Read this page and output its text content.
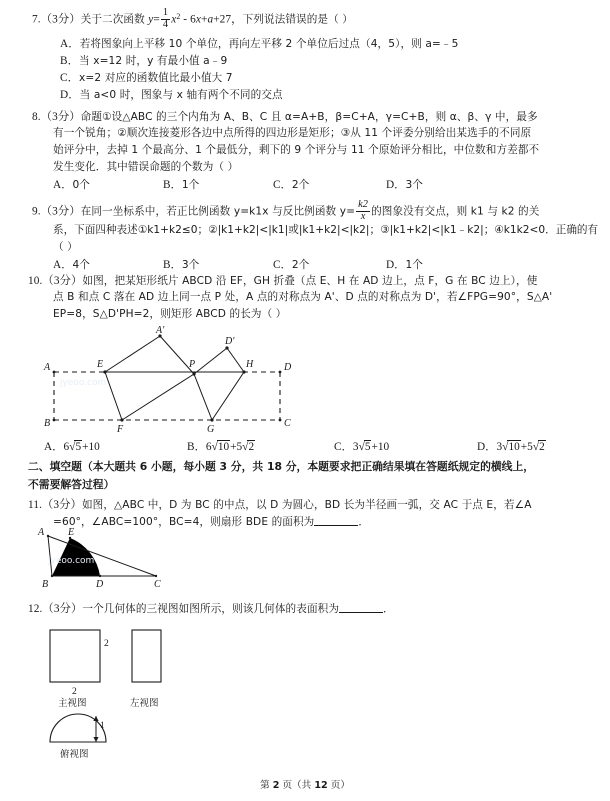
7.（3分）关于二次函数 $y= \frac{1}{4} x^2 - 6x+a+27$，下列说法错误的是（ ）
A．若将图象向上平移 10 个单位，再向左平移 2 个单位后过点（4，5），则 a=﹣5
B．当 x=12 时，y 有最小值 a﹣9
C．x=2 对应的函数值比最小值大 7
D．当 a<0 时，图象与 x 轴有两个不同的交点
8.（3分）命题①设△ABC 的三个内角为 A、B、C 且 α=A+B，β=C+A，γ=C+B，则 α、β、γ 中，最多
有一个锐角；②顺次连接菱形各边中点所得的四边形是矩形；③从 11 个评委分别给出某选手的不同原
始评分中，去掉 1 个最高分、1 个最低分，剩下的 9 个评分与 11 个原始评分相比，中位数和方差都不
发生变化．其中错误命题的个数为（ ）
A．0个	B．1个	C．2个	D．3个
9.（3分）在同一坐标系中，若正比例函数 y=k1x 与反比例函数 $y= \frac{k2}{x}$ 的图象没有交点，则 k1 与 k2 的关
系，下面四种表述①k1+k2≤0；②|k1+k2|<|k1|或|k1+k2|<|k2|；③|k1+k2|<|k1﹣k2|；④k1k2<0．正确的有
（ ）
A．4个	B．3个	C．2个	D．1个
10.（3分）如图，把某矩形纸片 ABCD 沿 EF，GH 折叠（点 E、H 在 AD 边上，点 F，G 在 BC 边上），使
点 B 和点 C 落在 AD 边上同一点 P 处，A 点的对称点为 A'、D 点的对称点为 D'，若∠FPG=90°，S△A'
EP=8，S△D'PH=2，则矩形 ABCD 的长为（ ）
A
B	C
D
E
F	G
H
P
A'
D'
jyeoo.com
A．6√5+10	B．6√10+5√2	C．3√5+10	D．3√10+5√2
二、填空题（本大题共 6 小题，每小题 3 分，共 18 分，本题要求把正确结果填在答题纸规定的横线上，
不需要解答过程）
11.（3分）如图，△ABC 中，D 为 BC 的中点，以 D 为圆心，BD 长为半径画一弧，交 AC 于点 E，若∠A
=60°，∠ABC=100°，BC=4，则扇形 BDE 的面积为	．
A
B	C
D
E
jyeoo.com
12.（3分）一个几何体的三视图如图所示，则该几何体的表面积为	．
2
2
主视图	左视图
1
俯视图
第 2 页（共 12 页）
